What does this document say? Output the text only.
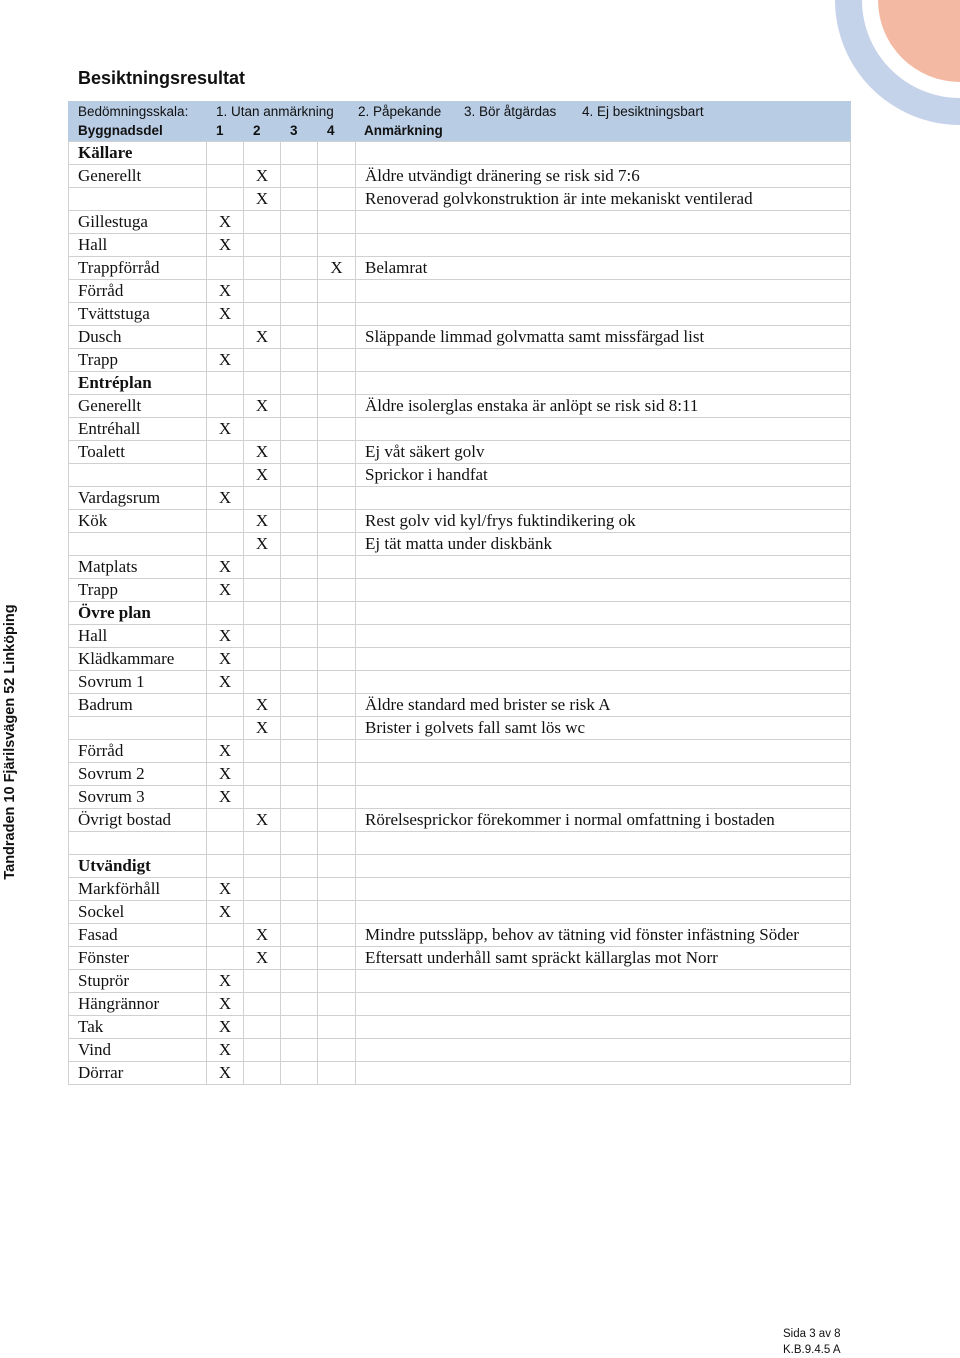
Besiktningsresultat
Tandraden 10 Fjärilsvägen 52 Linköping
Bedömningsskala:	1. Utan anmärkning	2. Påpekande	3. Bör åtgärdas	4. Ej besiktningsbart
Byggnadsdel	1	2	3	4	Anmärkning
Källare					
Generellt		X			Äldre utvändigt dränering se risk sid 7:6
		X			Renoverad golvkonstruktion är inte mekaniskt ventilerad
Gillestuga	X				
Hall	X				
Trappförråd				X	Belamrat
Förråd	X				
Tvättstuga	X				
Dusch		X			Släppande limmad golvmatta samt missfärgad list
Trapp	X				
Entréplan					
Generellt		X			Äldre isolerglas enstaka är anlöpt se risk sid 8:11
Entréhall	X				
Toalett		X			Ej våt säkert golv
		X			Sprickor i handfat
Vardagsrum	X				
Kök		X			Rest golv vid kyl/frys fuktindikering ok
		X			Ej tät matta under diskbänk
Matplats	X				
Trapp	X				
Övre plan					
Hall	X				
Klädkammare	X				
Sovrum 1	X				
Badrum		X			Äldre standard med brister se risk A
		X			Brister i golvets fall samt lös wc
Förråd	X				
Sovrum 2	X				
Sovrum 3	X				
Övrigt bostad		X			Rörelsesprickor förekommer i normal omfattning i bostaden

Utvändigt					
Markförhåll	X				
Sockel	X				
Fasad		X			Mindre putssläpp, behov av tätning vid fönster infästning Söder
Fönster		X			Eftersatt underhåll samt spräckt källarglas mot Norr
Stuprör	X				
Hängrännor	X				
Tak	X				
Vind	X				
Dörrar	X				
Sida 3 av 8
K.B.9.4.5 A
